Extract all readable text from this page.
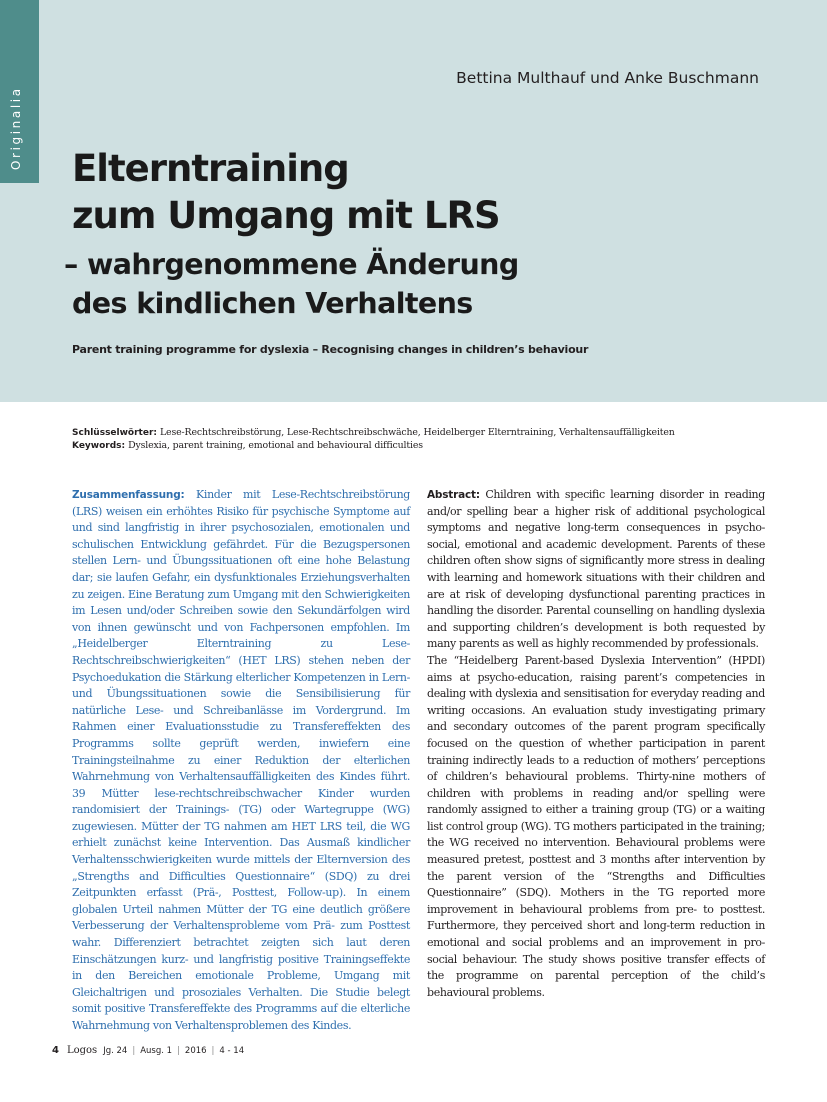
Originalia
Bettina Multhauf und Anke Buschmann
Elterntraining
zum Umgang mit LRS
– wahrgenommene Änderung
des kindlichen Verhaltens
Parent training programme for dyslexia – Recognising changes in children’s behaviour
Schlüsselwörter: Lese-Rechtschreibstörung, Lese-Rechtschreibschwäche, Heidelberger Elterntraining, Verhaltensauffälligkeiten
Keywords: Dyslexia, parent training, emotional and behavioural difficulties

Zusammenfassung: Kinder mit Lese-Rechtschreibstörung (LRS) weisen ein erhöhtes Risiko für psychische Symptome auf und sind langfristig in ihrer psychosozialen, emotionalen und schulischen Entwicklung gefährdet. Für die Bezugspersonen stellen Lern- und Übungssituationen oft eine hohe Belastung dar; sie laufen Gefahr, ein dysfunktionales Erziehungsverhalten zu zeigen. Eine Beratung zum Umgang mit den Schwierigkeiten im Lesen und/oder Schreiben sowie den Sekundärfolgen wird von ihnen gewünscht und von Fachpersonen empfohlen. Im „Heidelberger Elterntraining zu Lese-Rechtschreibschwierigkeiten“ (HET LRS) stehen neben der Psychoedukation die Stärkung elterlicher Kompetenzen in Lern- und Übungssituationen sowie die Sensibilisierung für natürliche Lese- und Schreibanlässe im Vordergrund. Im Rahmen einer Evaluationsstudie zu Transfereffekten des Programms sollte geprüft werden, inwiefern eine Trainingsteilnahme zu einer Reduktion der elterlichen Wahrnehmung von Verhaltensauffälligkeiten des Kindes führt. 39 Mütter lese-rechtschreibschwacher Kinder wurden randomisiert der Trainings- (TG) oder Wartegruppe (WG) zugewiesen. Mütter der TG nahmen am HET LRS teil, die WG erhielt zunächst keine Intervention. Das Ausmaß kindlicher Verhaltensschwierigkeiten wurde mittels der Elternversion des „Strengths and Difficulties Questionnaire“ (SDQ) zu drei Zeitpunkten erfasst (Prä-, Posttest, Follow-up). In einem globalen Urteil nahmen Mütter der TG eine deutlich größere Verbesserung der Verhaltensprobleme vom Prä- zum Posttest wahr. Differenziert betrachtet zeigten sich laut deren Einschätzungen kurz- und langfristig positive Trainingseffekte in den Bereichen emotionale Probleme, Umgang mit Gleichaltrigen und prosoziales Verhalten. Die Studie belegt somit positive Transfereffekte des Programms auf die elterliche Wahrnehmung von Verhaltensproblemen des Kindes.

Abstract: Children with specific learning disorder in reading and/or spelling bear a higher risk of additional psychological symptoms and negative long-term consequences in psycho-social, emotional and academic development. Parents of these children often show signs of significantly more stress in dealing with learning and homework situations with their children and are at risk of developing dysfunctional parenting practices in handling the disorder. Parental counselling on handling dyslexia and supporting children’s development is both requested by many parents as well as highly recommended by professionals.

The “Heidelberg Parent-based Dyslexia Intervention” (HPDI) aims at psycho-education, raising parent’s competencies in dealing with dyslexia and sensitisation for everyday reading and writing occasions. An evaluation study investigating primary and secondary outcomes of the parent program specifically focused on the question of whether participation in parent training indirectly leads to a reduction of mothers’ perceptions of children’s behavioural problems. Thirty-nine mothers of children with problems in reading and/or spelling were randomly assigned to either a training group (TG) or a waiting list control group (WG). TG mothers participated in the training; the WG received no intervention. Behavioural problems were measured pretest, posttest and 3 months after intervention by the parent version of the “Strengths and Difficulties Questionnaire” (SDQ). Mothers in the TG reported more improvement in behavioural problems from pre- to posttest. Furthermore, they perceived short and long-term reduction in emotional and social problems and an improvement in pro-social behaviour. The study shows positive transfer effects of the programme on parental perception of the child’s behavioural problems.

4 Logos Jg. 24 | Ausg. 1 | 2016 | 4 - 14
